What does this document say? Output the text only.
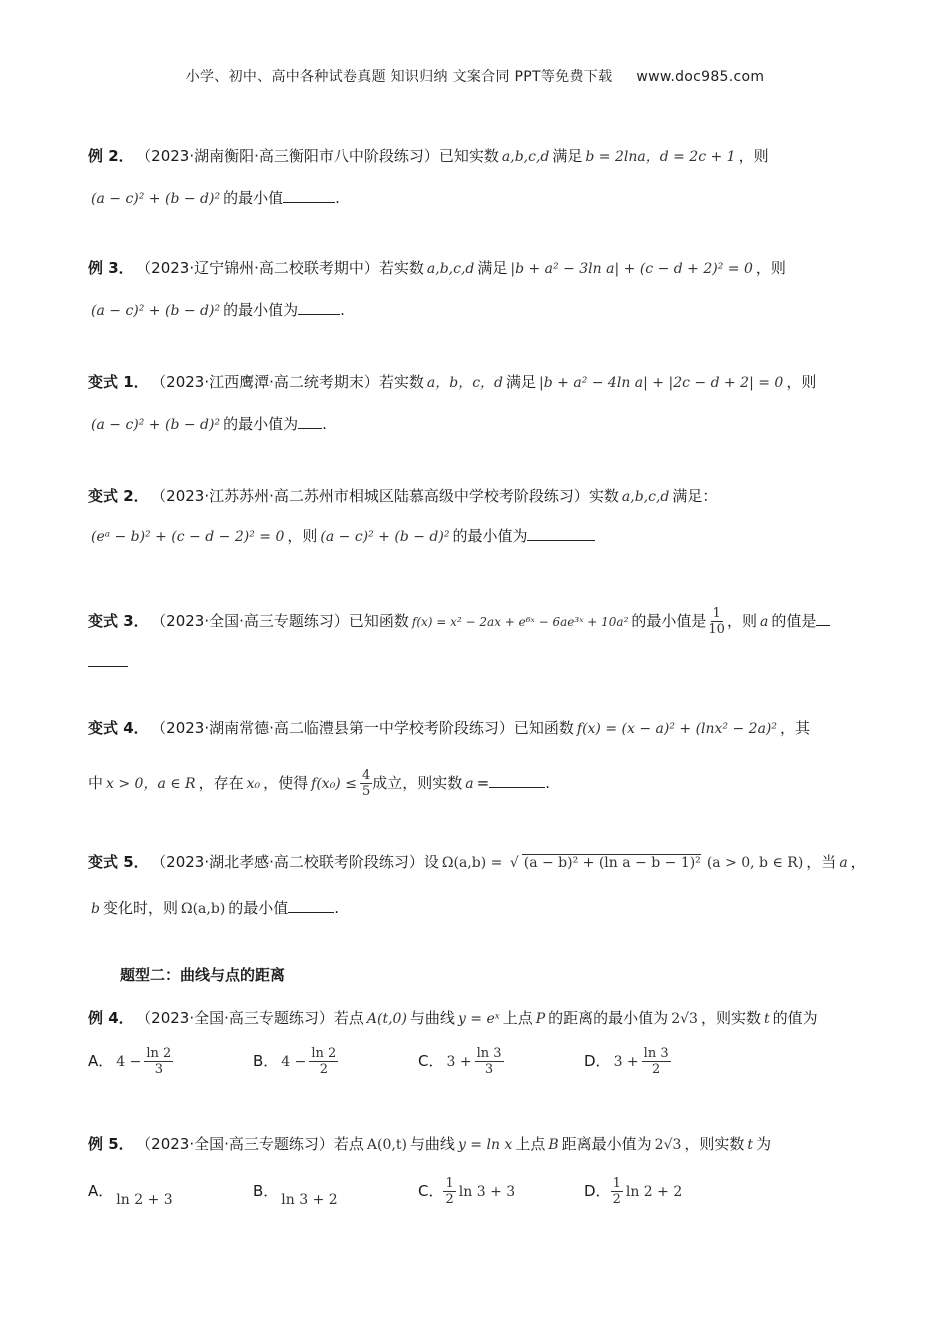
小学、初中、高中各种试卷真题 知识归纳 文案合同 PPT等免费下载 www.doc985.com
例 2． （2023·湖南衡阳·高三衡阳市八中阶段练习）已知实数 a,b,c,d 满足 b = 2lna，d = 2c + 1 ，则
(a − c)² + (b − d)² 的最小值	.
例 3． （2023·辽宁锦州·高二校联考期中）若实数 a,b,c,d 满足 |b + a² − 3ln a| + (c − d + 2)² = 0 ，则
(a − c)² + (b − d)² 的最小值为	.
变式 1． （2023·江西鹰潭·高二统考期末）若实数 a，b，c，d 满足 |b + a² − 4ln a| + |2c − d + 2| = 0 ，则
(a − c)² + (b − d)² 的最小值为 .
变式 2． （2023·江苏苏州·高二苏州市相城区陆慕高级中学校考阶段练习）实数 a,b,c,d 满足：
(eᵃ − b)² + (c − d − 2)² = 0 ，则 (a − c)² + (b − d)² 的最小值为
变式 3． （2023·全国·高三专题练习）已知函数 f(x) = x² − 2ax + e⁶ˣ − 6ae³ˣ + 10a² 的最小值是 $\frac{1}{10}$ ，则 a 的值是
变式 4． （2023·湖南常德·高二临澧县第一中学校考阶段练习）已知函数 f(x) = (x − a)² + (lnx² − 2a)² ，其
中 x > 0，a ∈ R ，存在 x₀ ，使得 $f(x_0) \le \frac{4}{5}$ 成立，则实数 a =	.
变式 5． （2023·湖北孝感·高二校联考阶段练习）设 Ω(a,b) = √ (a − b)² + (ln a − b − 1)² (a > 0, b ∈ R) ，当 a ，
b 变化时，则 Ω(a,b) 的最小值	.
题型二：曲线与点的距离
例 4． （2023·全国·高三专题练习）若点 A(t,0) 与曲线 y = eˣ 上点 P 的距离的最小值为 2√3 ，则实数 t 的值为
A． $4 - \frac{\ln 2}{3}$	B． $4 - \frac{\ln 2}{2}$	C． $3 + \frac{\ln 3}{3}$	D． $3 + \frac{\ln 3}{2}$
例 5． （2023·全国·高三专题练习）若点 A(0,t) 与曲线 y = ln x 上点 B 距离最小值为 2√3 ，则实数 t 为
A． ln 2 + 3	B． ln 3 + 2	C． $\frac{1}{2}$ ln 3 + 3	D． $\frac{1}{2}$ ln 2 + 2
